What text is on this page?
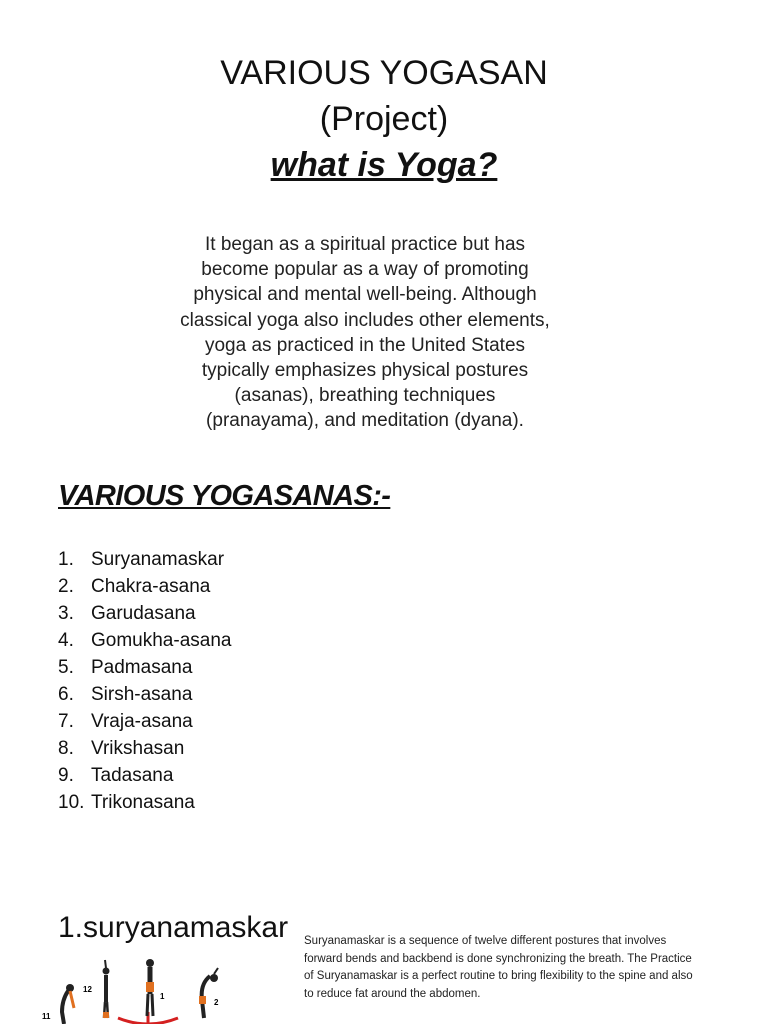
VARIOUS YOGASAN
(Project)
what is Yoga?
It began as a spiritual practice but has
become popular as a way of promoting
physical and mental well-being. Although
classical yoga also includes other elements,
yoga as practiced in the United States
typically emphasizes physical postures
(asanas), breathing techniques
(pranayama), and meditation (dyana).
VARIOUS YOGASANAS:-
1. Suryanamaskar
2. Chakra-asana
3. Garudasana
4. Gomukha-asana
5. Padmasana
6. Sirsh-asana
7. Vraja-asana
8. Vrikshasan
9. Tadasana
10. Trikonasana
1.suryanamaskar Suryanamaskar is a sequence of twelve different postures that involves
forward bends and backbend is done synchronizing the breath. The Practice
of Suryanamaskar is a perfect routine to bring flexibility to the spine and also
to reduce fat around the abdomen.
11
12
1
2
